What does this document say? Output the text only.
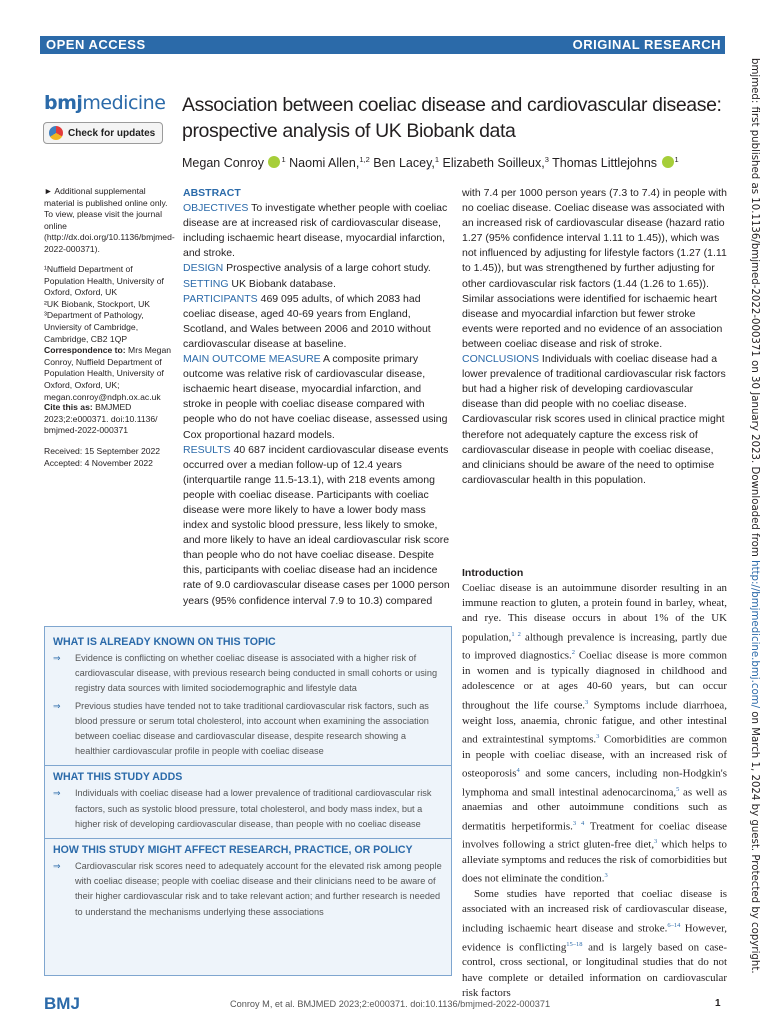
OPEN ACCESS	ORIGINAL RESEARCH
bmjmed: first published as 10.1136/bmjmed-2022-000371 on 30 January 2023. Downloaded from http://bmjmedicine.bmj.com/ on March 1, 2024 by guest. Protected by copyright.
bmjmedicine
Check for updates
Association between coeliac disease and cardiovascular disease: prospective analysis of UK Biobank data
Megan Conroy $^1$ Naomi Allen,$^{1,2}$ Ben Lacey,$^1$ Elizabeth Soilleux,$^3$ Thomas Littlejohns $^1$
► Additional supplemental material is published online only. To view, please visit the journal online (http://dx.doi.org/10.1136/bmjmed-2022-000371).
¹Nuffield Department of Population Health, University of Oxford, Oxford, UK
²UK Biobank, Stockport, UK
³Department of Pathology, Unviersity of Cambridge, Cambridge, CB2 1QP
Correspondence to: Mrs Megan Conroy, Nuffield Department of Population Health, University of Oxford, Oxford, UK; megan.conroy@ndph.ox.ac.uk
Cite this as: BMJMED 2023;2:e000371. doi:10.1136/ bmjmed-2022-000371
Received: 15 September 2022
Accepted: 4 November 2022
ABSTRACT
OBJECTIVES To investigate whether people with coeliac disease are at increased risk of cardiovascular disease, including ischaemic heart disease, myocardial infarction, and stroke.
DESIGN Prospective analysis of a large cohort study.
SETTING UK Biobank database.
PARTICIPANTS 469 095 adults, of which 2083 had coeliac disease, aged 40-69 years from England, Scotland, and Wales between 2006 and 2010 without cardiovascular disease at baseline.
MAIN OUTCOME MEASURE A composite primary outcome was relative risk of cardiovascular disease, ischaemic heart disease, myocardial infarction, and stroke in people with coeliac disease compared with people who do not have coeliac disease, assessed using Cox proportional hazard models.
RESULTS 40 687 incident cardiovascular disease events occurred over a median follow-up of 12.4 years (interquartile range 11.5-13.1), with 218 events among people with coeliac disease. Participants with coeliac disease were more likely to have a lower body mass index and systolic blood pressure, less likely to smoke, and more likely to have an ideal cardiovascular risk score than people who do not have coeliac disease. Despite this, participants with coeliac disease had an incidence rate of 9.0 cardiovascular disease cases per 1000 person years (95% confidence interval 7.9 to 10.3) compared
with 7.4 per 1000 person years (7.3 to 7.4) in people with no coeliac disease. Coeliac disease was associated with an increased risk of cardiovascular disease (hazard ratio 1.27 (95% confidence interval 1.11 to 1.45)), which was not influenced by adjusting for lifestyle factors (1.27 (1.11 to 1.45)), but was strengthened by further adjusting for other cardiovascular risk factors (1.44 (1.26 to 1.65)). Similar associations were identified for ischaemic heart disease and myocardial infarction but fewer stroke events were reported and no evidence of an association between coeliac disease and risk of stroke.
CONCLUSIONS Individuals with coeliac disease had a lower prevalence of traditional cardiovascular risk factors but had a higher risk of developing cardiovascular disease than did people with no coeliac disease. Cardiovascular risk scores used in clinical practice might therefore not adequately capture the excess risk of cardiovascular disease in people with coeliac disease, and clinicians should be aware of the need to optimise cardiovascular health in this population.
WHAT IS ALREADY KNOWN ON THIS TOPIC
⇒	Evidence is conflicting on whether coeliac disease is associated with a higher risk of cardiovascular disease, with previous research being conducted in small cohorts or using registry data sources with limited sociodemographic and lifestyle data
⇒	Previous studies have tended not to take traditional cardiovascular risk factors, such as blood pressure or serum total cholesterol, into account when examining the association between coeliac disease and cardiovascular disease, despite research showing a healthier cardiovascular profile in people with coeliac disease
WHAT THIS STUDY ADDS
⇒	Individuals with coeliac disease had a lower prevalence of traditional cardiovascular risk factors, such as systolic blood pressure, total cholesterol, and body mass index, but a higher risk of developing cardiovascular disease, than people with no coeliac disease
HOW THIS STUDY MIGHT AFFECT RESEARCH, PRACTICE, OR POLICY
⇒	Cardiovascular risk scores need to adequately account for the elevated risk among people with coeliac disease; people with coeliac disease and their clinicians need to be aware of their higher cardiovascular risk and to take relevant action; and further research is needed to understand the mechanisms underlying these associations
Introduction

Coeliac disease is an autoimmune disorder resulting in an immune reaction to gluten, a protein found in barley, wheat, and rye. This disease occurs in about 1% of the UK population,$^{1 2}$ although prevalence is increasing, partly due to improved diagnostics.$^2$ Coeliac disease is more common in women and is typically diagnosed in childhood and adolescence or at ages 40-60 years, but can occur throughout the life course.$^3$ Symptoms include diarrhoea, weight loss, anaemia, chronic fatigue, and other intestinal and extraintestinal symptoms.$^3$ Comorbidities are common in people with coeliac disease, with an increased risk of osteoporosis$^4$ and some cancers, including non-Hodgkin's lymphoma and small intestinal adenocarcinoma,$^5$ as well as anaemias and other autoimmune conditions such as dermatitis herpetiformis.$^{3 4}$ Treatment for coeliac disease involves following a strict gluten-free diet,$^3$ which helps to alleviate symptoms and reduces the risk of comorbidities but does not eliminate the condition.$^3$

Some studies have reported that coeliac disease is associated with an increased risk of cardiovascular disease, including ischaemic heart disease and stroke.$^{6-14}$ However, evidence is conflicting$^{15-18}$ and is largely based on case-control, cross sectional, or longitudinal studies that do not have complete or detailed information on cardiovascular risk factors

BMJ	Conroy M, et al. BMJMED 2023;2:e000371. doi:10.1136/bmjmed-2022-000371	1
